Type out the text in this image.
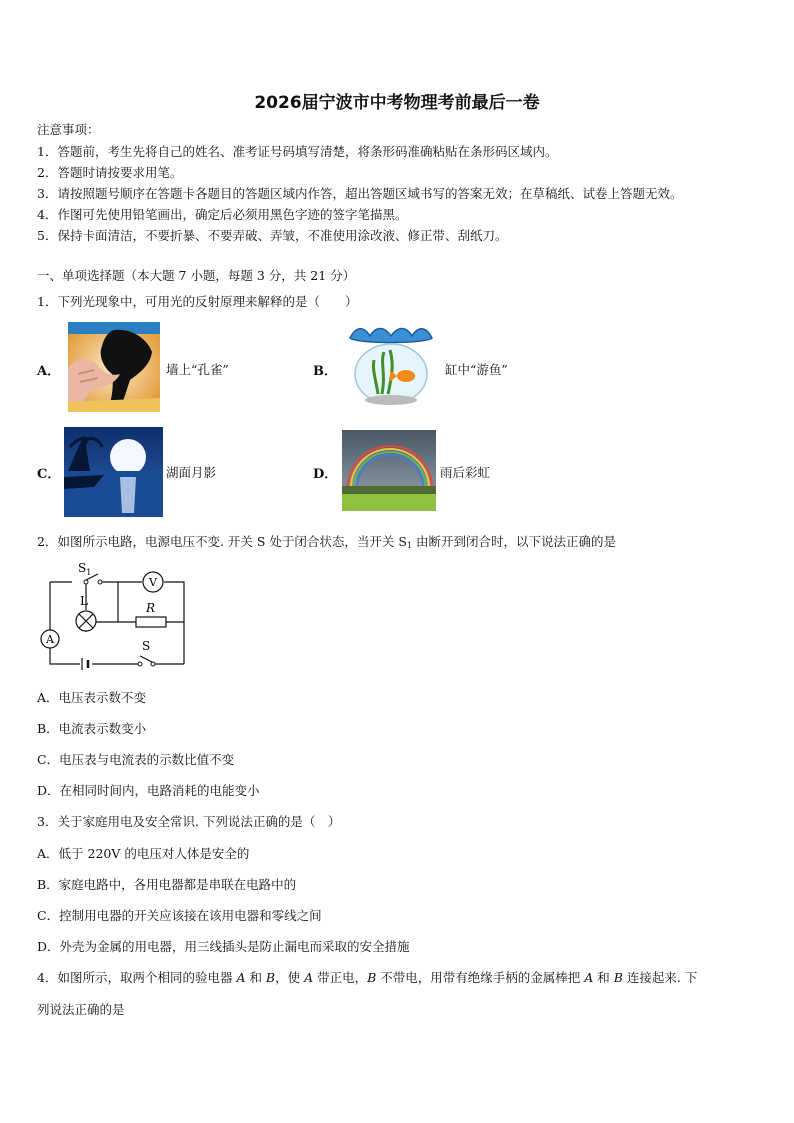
2026届宁波市中考物理考前最后一卷
注意事项：
1．答题前，考生先将自己的姓名、准考证号码填写清楚，将条形码准确粘贴在条形码区域内。
2．答题时请按要求用笔。
3．请按照题号顺序在答题卡各题目的答题区域内作答，超出答题区域书写的答案无效；在草稿纸、试卷上答题无效。
4．作图可先使用铅笔画出，确定后必须用黑色字迹的签字笔描黑。
5．保持卡面清洁，不要折暴、不要弄破、弄皱，不准使用涂改液、修正带、刮纸刀。
一、单项选择题（本大题 7 小题，每题 3 分，共 21 分）
1．下列光现象中，可用光的反射原理来解释的是（　　）
A．	墙上“孔雀”	B．	缸中“游鱼”
C．	湖面月影	D．	雨后彩虹
2．如图所示电路，电源电压不变. 开关 S 处于闭合状态，当开关 $S_1$ 由断开到闭合时，以下说法正确的是
$S_1$
V
L	R
A	S
A．电压表示数不变
B．电流表示数变小
C．电压表与电流表的示数比值不变
D．在相同时间内，电路消耗的电能变小
3．关于家庭用电及安全常识. 下列说法正确的是（　）
A．低于 220V 的电压对人体是安全的
B．家庭电路中，各用电器都是串联在电路中的
C．控制用电器的开关应该接在该用电器和零线之间
D．外壳为金属的用电器，用三线插头是防止漏电而采取的安全措施
4．如图所示，取两个相同的验电器 A 和 B，使 A 带正电，B 不带电，用带有绝缘手柄的金属棒把 A 和 B 连接起来. 下
列说法正确的是
